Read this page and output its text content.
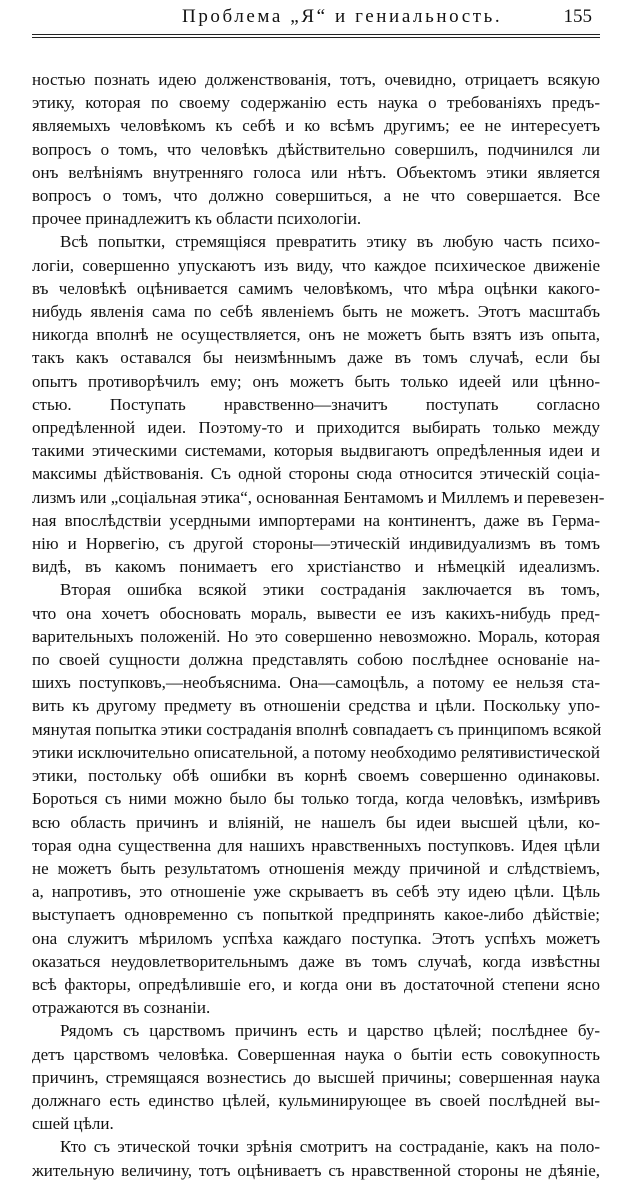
Проблема „Я“ и гениальность.	155
ностью познать идею долженствованія, тотъ, очевидно, отрицаетъ всякую
этику, которая по своему содержанію есть наука о требованіяхъ предъ-
являемыхъ человѣкомъ къ себѣ и ко всѣмъ другимъ; ее не интересуетъ
вопросъ о томъ, что человѣкъ дѣйствительно совершилъ, подчинился ли
онъ велѣніямъ внутренняго голоса или нѣтъ. Объектомъ этики является
вопросъ о томъ, что должно совершиться, а не что совершается. Все
прочее принадлежитъ къ области психологіи.
Всѣ попытки, стремящіяся превратить этику въ любую часть психо-
логіи, совершенно упускаютъ изъ виду, что каждое психическое движеніе
въ человѣкѣ оцѣнивается самимъ человѣкомъ, что мѣра оцѣнки какого-
нибудь явленія сама по себѣ явленіемъ быть не можетъ. Этотъ масштабъ
никогда вполнѣ не осуществляется, онъ не можетъ быть взятъ изъ опыта,
такъ какъ оставался бы неизмѣннымъ даже въ томъ случаѣ, если бы
опытъ противорѣчилъ ему; онъ можетъ быть только идеей или цѣнно-
стью. Поступать нравственно—значитъ поступать согласно
опредѣленной идеи. Поэтому-то и приходится выбирать только между
такими этическими системами, которыя выдвигаютъ опредѣленныя идеи и
максимы дѣйствованія. Съ одной стороны сюда относится этическій соціа-
лизмъ или „соціальная этика“, основанная Бентамомъ и Миллемъ и перевезен-
ная впослѣдствіи усердными импортерами на континентъ, даже въ Герма-
нію и Норвегію, съ другой стороны—этическій индивидуализмъ въ томъ
видѣ, въ какомъ понимаетъ его христіанство и нѣмецкій идеализмъ.
Вторая ошибка всякой этики состраданія заключается въ томъ,
что она хочетъ обосновать мораль, вывести ее изъ какихъ-нибудь пред-
варительныхъ положеній. Но это совершенно невозможно. Мораль, которая
по своей сущности должна представлять собою послѣднее основаніе на-
шихъ поступковъ,—необъяснима. Она—самоцѣль, а потому ее нельзя ста-
вить къ другому предмету въ отношеніи средства и цѣли. Поскольку упо-
мянутая попытка этики состраданія вполнѣ совпадаетъ съ принципомъ всякой
этики исключительно описательной, а потому необходимо релятивистической
этики, постольку обѣ ошибки въ корнѣ своемъ совершенно одинаковы.
Бороться съ ними можно было бы только тогда, когда человѣкъ, измѣривъ
всю область причинъ и вліяній, не нашелъ бы идеи высшей цѣли, ко-
торая одна существенна для нашихъ нравственныхъ поступковъ. Идея цѣли
не можетъ быть результатомъ отношенія между причиной и слѣдствіемъ,
а, напротивъ, это отношеніе уже скрываетъ въ себѣ эту идею цѣли. Цѣль
выступаетъ одновременно съ попыткой предпринять какое-либо дѣйствіе;
она служитъ мѣриломъ успѣха каждаго поступка. Этотъ успѣхъ можетъ
оказаться неудовлетворительнымъ даже въ томъ случаѣ, когда извѣстны
всѣ факторы, опредѣлившіе его, и когда они въ достаточной степени ясно
отражаются въ сознаніи.
Рядомъ съ царствомъ причинъ есть и царство цѣлей; послѣднее бу-
детъ царствомъ человѣка. Совершенная наука о бытіи есть совокупность
причинъ, стремящаяся вознестись до высшей причины; совершенная наука
должнаго есть единство цѣлей, кульминирующее въ своей послѣдней вы-
сшей цѣли.
Кто съ этической точки зрѣнія смотритъ на состраданіе, какъ на поло-
жительную величину, тотъ оцѣниваетъ съ нравственной стороны не дѣяніе,
